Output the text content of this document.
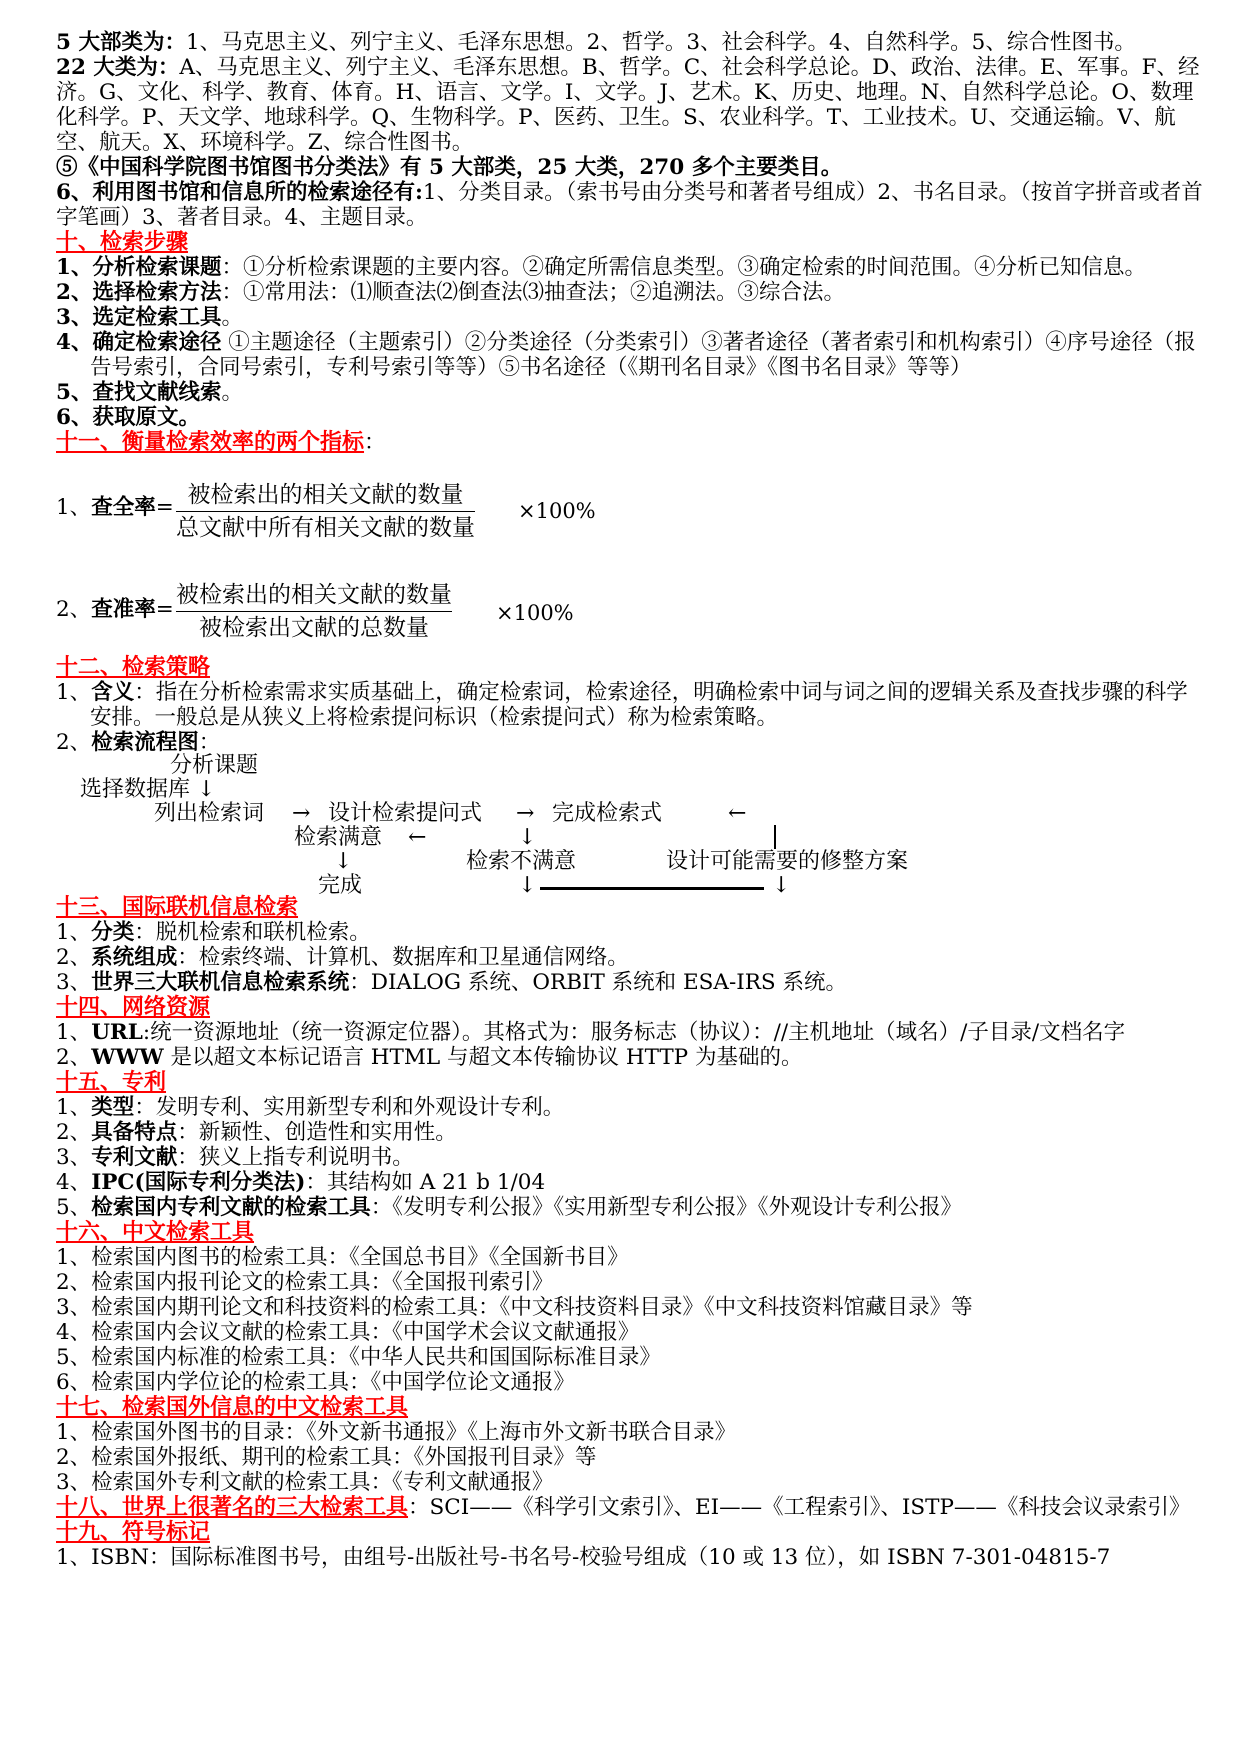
5 大部类为：1、马克思主义、列宁主义、毛泽东思想。2、哲学。3、社会科学。4、自然科学。5、综合性图书。

22 大类为：A、马克思主义、列宁主义、毛泽东思想。B、哲学。C、社会科学总论。D、政治、法律。E、军事。F、经济。G、文化、科学、教育、体育。H、语言、文学。I、文学。J、艺术。K、历史、地理。N、自然科学总论。O、数理化科学。P、天文学、地球科学。Q、生物科学。P、医药、卫生。S、农业科学。T、工业技术。U、交通运输。V、航空、航天。X、环境科学。Z、综合性图书。

⑤《中国科学院图书馆图书分类法》有 5 大部类，25 大类，270 多个主要类目。

6、利用图书馆和信息所的检索途径有:1、分类目录。（索书号由分类号和著者号组成）2、书名目录。（按首字拼音或者首字笔画）3、著者目录。4、主题目录。

十、检索步骤

1、分析检索课题：①分析检索课题的主要内容。②确定所需信息类型。③确定检索的时间范围。④分析已知信息。

2、选择检索方法：①常用法：⑴顺查法⑵倒查法⑶抽查法；②追溯法。③综合法。

3、选定检索工具。

4、确定检索途径 ①主题途径（主题索引）②分类途径（分类索引）③著者途径（著者索引和机构索引）④序号途径（报告号索引，合同号索引，专利号索引等等）⑤书名途径（《期刊名目录》《图书名目录》等等）

5、查找文献线索。

6、获取原文。

十一、衡量检索效率的两个指标：

1、查全率= 被检索出的相关文献的数量
总文献中所有相关文献的数量
×100%
2、查准率=
被检索出的相关文献的数量
被检索出文献的总数量
×100%

十二、检索策略

1、含义：指在分析检索需求实质基础上，确定检索词，检索途径，明确检索中词与词之间的逻辑关系及查找步骤的科学安排。一般总是从狭义上将检索提问标识（检索提问式）称为检索策略。

2、检索流程图：

分析课题
选择数据库 ↓
列出检索词 → 设计检索提问式 → 完成检索式	←
检索满意 ←	↓
↓	检索不满意	设计可能需要的修整方案
完成	↓	↓

十三、国际联机信息检索

1、分类：脱机检索和联机检索。

2、系统组成：检索终端、计算机、数据库和卫星通信网络。

3、世界三大联机信息检索系统：DIALOG 系统、ORBIT 系统和 ESA-IRS 系统。

十四、网络资源

1、URL:统一资源地址（统一资源定位器）。其格式为：服务标志（协议）：//主机地址（域名）/子目录/文档名字

2、WWW 是以超文本标记语言 HTML 与超文本传输协议 HTTP 为基础的。

十五、专利

1、类型：发明专利、实用新型专利和外观设计专利。

2、具备特点：新颖性、创造性和实用性。

3、专利文献：狭义上指专利说明书。

4、IPC(国际专利分类法)：其结构如 A 21 b 1/04

5、检索国内专利文献的检索工具：《发明专利公报》《实用新型专利公报》《外观设计专利公报》

十六、中文检索工具

1、检索国内图书的检索工具：《全国总书目》《全国新书目》

2、检索国内报刊论文的检索工具：《全国报刊索引》

3、检索国内期刊论文和科技资料的检索工具：《中文科技资料目录》《中文科技资料馆藏目录》等

4、检索国内会议文献的检索工具：《中国学术会议文献通报》

5、检索国内标准的检索工具：《中华人民共和国国际标准目录》

6、检索国内学位论的检索工具：《中国学位论文通报》

十七、检索国外信息的中文检索工具

1、检索国外图书的目录：《外文新书通报》《上海市外文新书联合目录》

2、检索国外报纸、期刊的检索工具：《外国报刊目录》等

3、检索国外专利文献的检索工具：《专利文献通报》

十八、世界上很著名的三大检索工具：SCI——《科学引文索引》、EI——《工程索引》、ISTP——《科技会议录索引》

十九、符号标记

1、ISBN：国际标准图书号，由组号-出版社号-书名号-校验号组成（10 或 13 位），如 ISBN 7-301-04815-7
